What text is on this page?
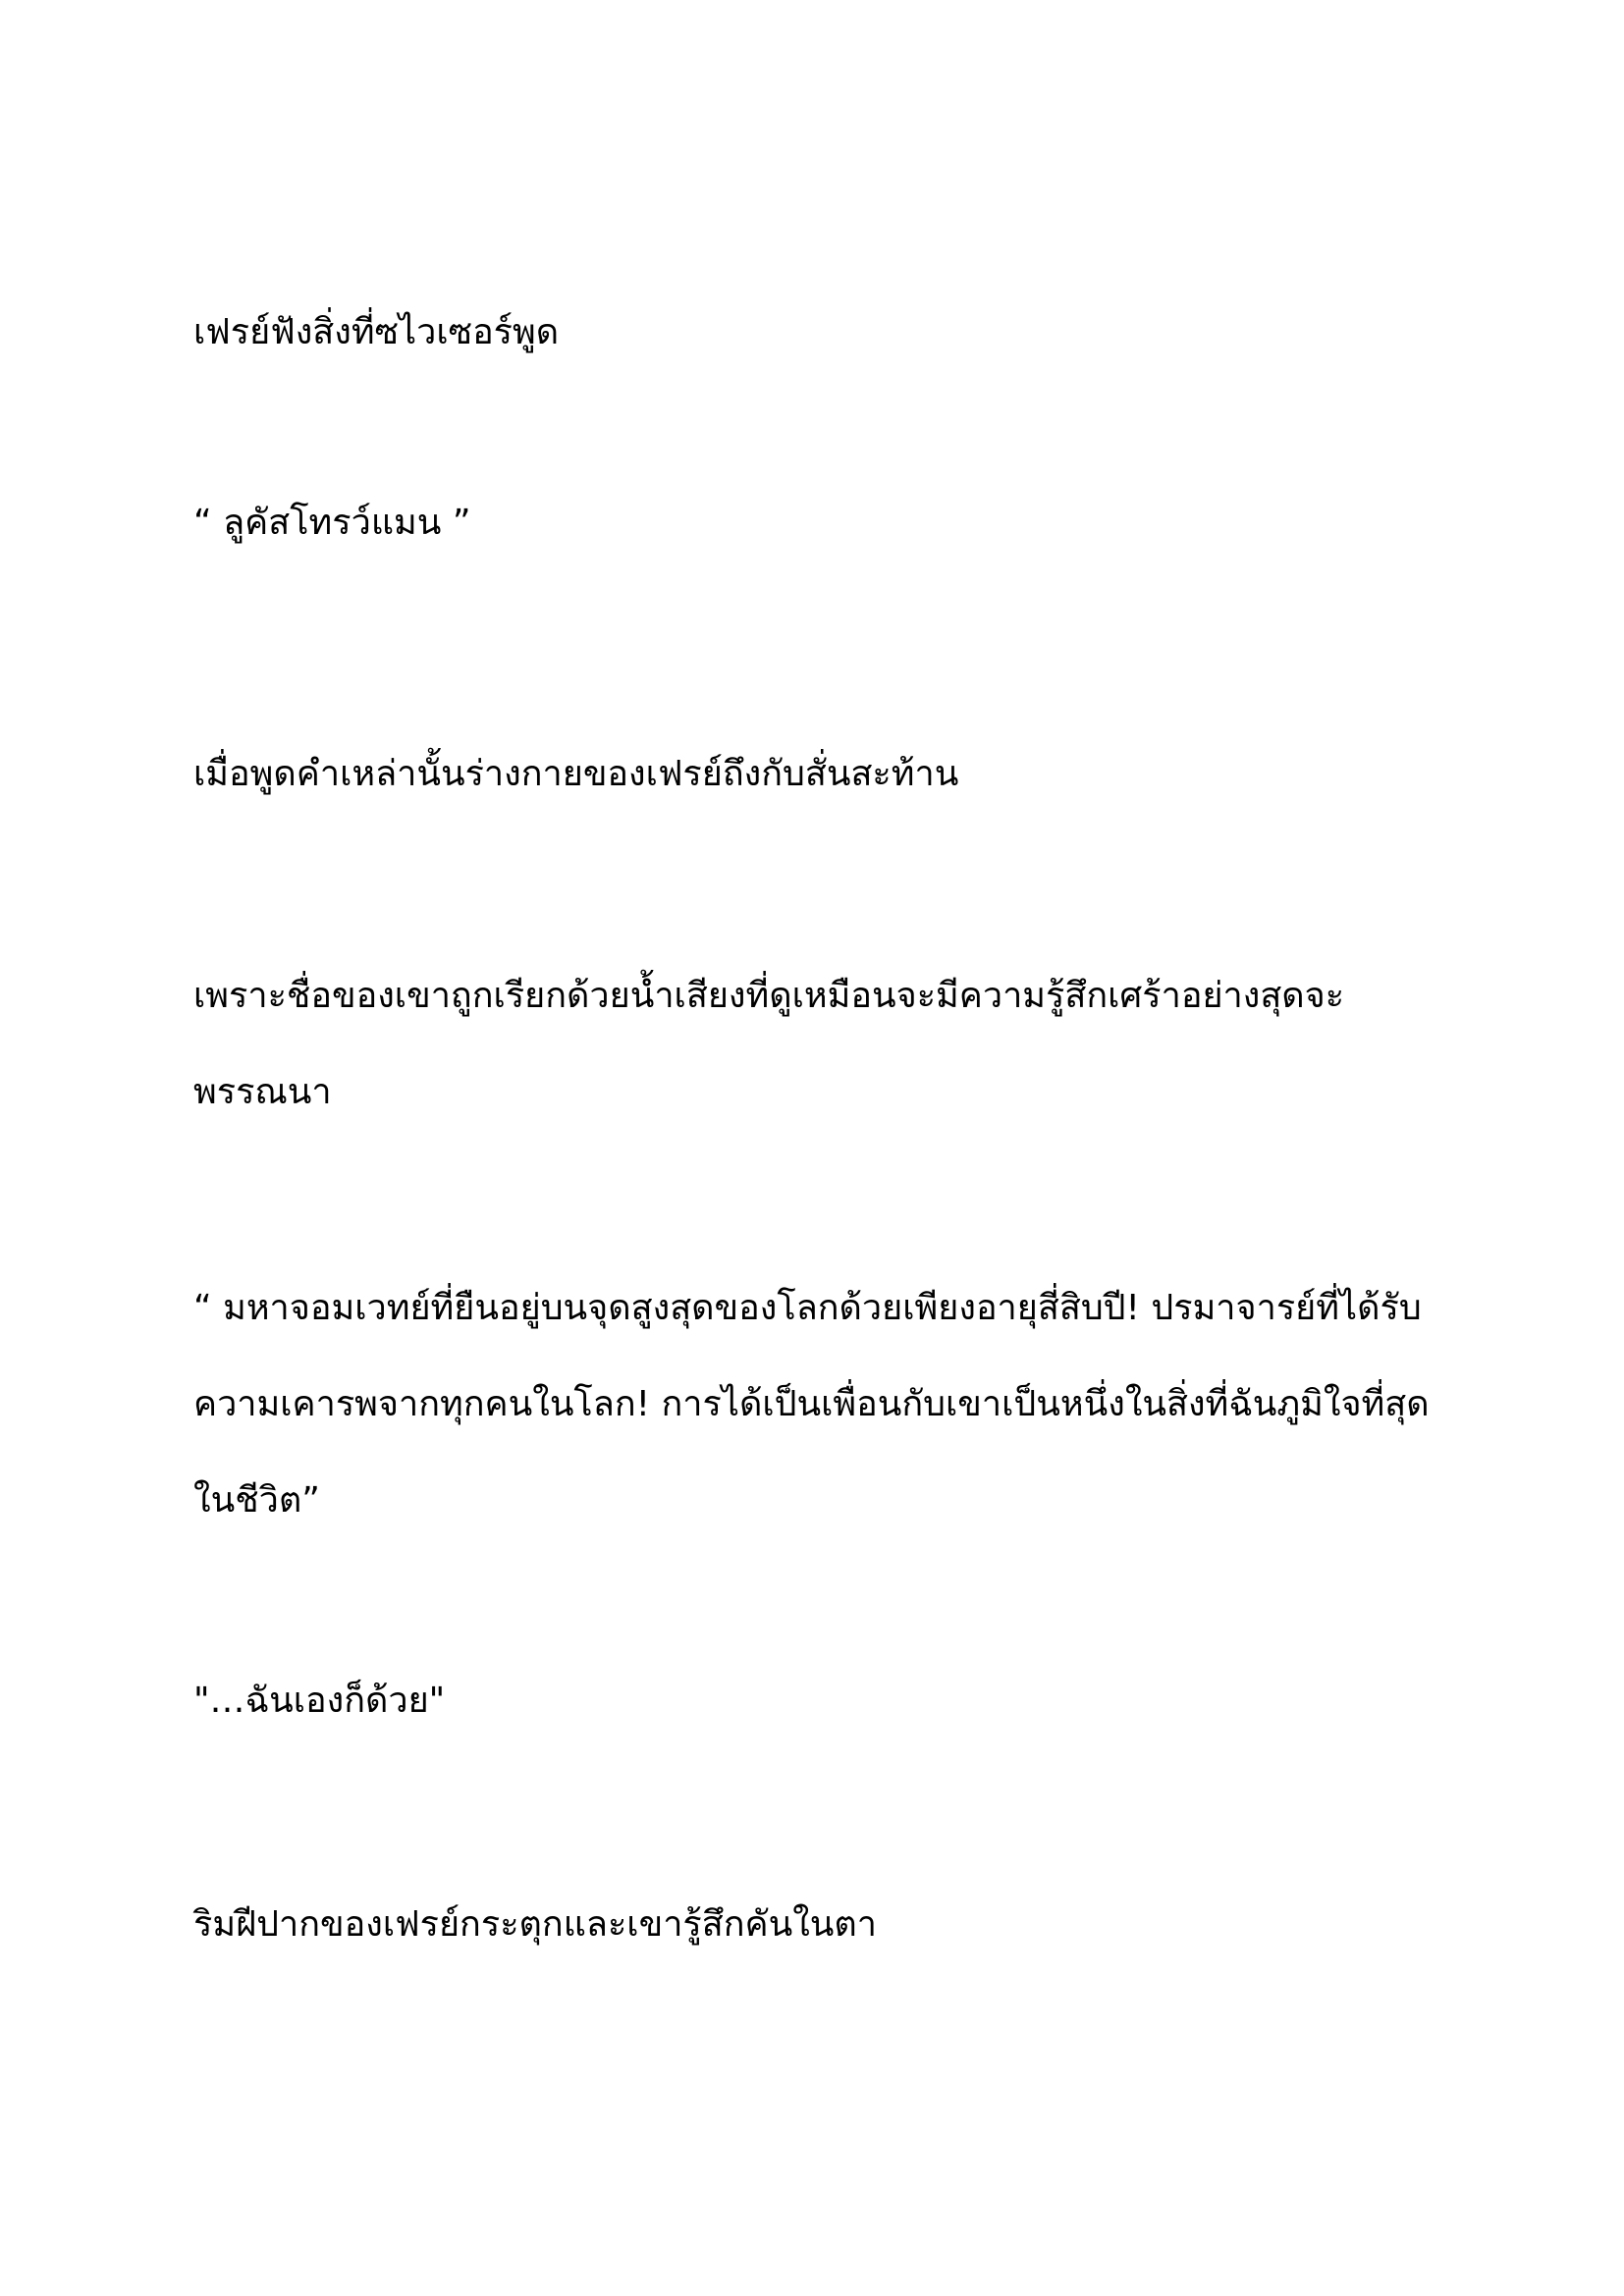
เฟรย์ฟังสิ่งที่ซไวเซอร์พูด

“ ลูคัสโทรว์แมน ”

เมื่อพูดคำเหล่านั้นร่างกายของเฟรย์ถึงกับสั่นสะท้าน

เพราะชื่อของเขาถูกเรียกด้วยน้ำเสียงที่ดูเหมือนจะมีความรู้สึกเศร้าอย่างสุดจะ
พรรณนา

“ มหาจอมเวทย์ที่ยืนอยู่บนจุดสูงสุดของโลกด้วยเพียงอายุสี่สิบปี! ปรมาจารย์ที่ได้รับ
ความเคารพจากทุกคนในโลก! การได้เป็นเพื่อนกับเขาเป็นหนึ่งในสิ่งที่ฉันภูมิใจที่สุด
ในชีวิต”

"…ฉันเองก็ด้วย"

ริมฝีปากของเฟรย์กระตุกและเขารู้สึกคันในตา
